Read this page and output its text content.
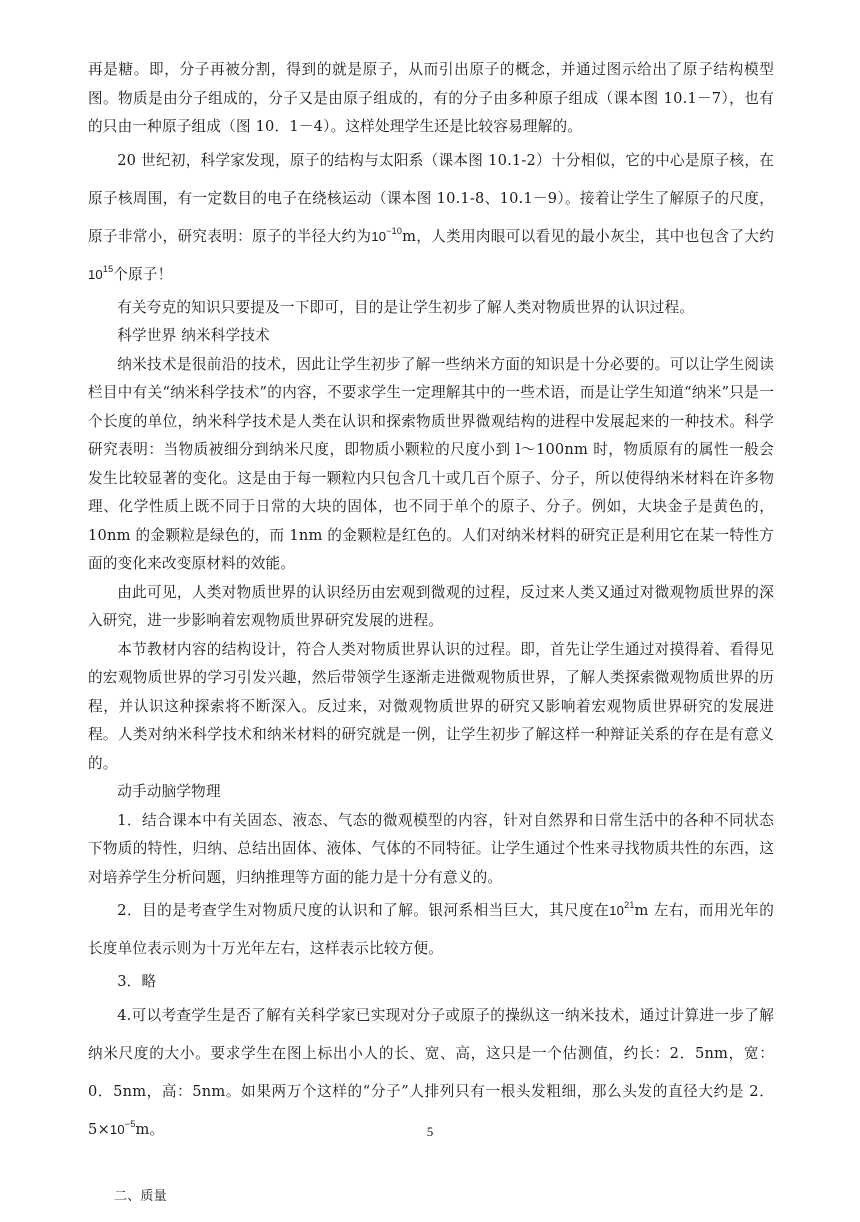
再是糖。即，分子再被分割，得到的就是原子，从而引出原子的概念，并通过图示给出了原子结构模型图。物质是由分子组成的，分子又是由原子组成的，有的分子由多种原子组成（课本图 10.1－7），也有的只由一种原子组成（图 10．1－4）。这样处理学生还是比较容易理解的。

20 世纪初，科学家发现，原子的结构与太阳系（课本图 10.1-2）十分相似，它的中心是原子核，在原子核周围，有一定数目的电子在绕核运动（课本图 10.1-8、10.1－9）。接着让学生了解原子的尺度，原子非常小，研究表明：原子的半径大约为$10^{-10}m$，人类用肉眼可以看见的最小灰尘，其中也包含了大约$10^{15}$个原子！

有关夸克的知识只要提及一下即可，目的是让学生初步了解人类对物质世界的认识过程。

科学世界 纳米科学技术

纳米技术是很前沿的技术，因此让学生初步了解一些纳米方面的知识是十分必要的。可以让学生阅读栏目中有关“纳米科学技术”的内容，不要求学生一定理解其中的一些术语，而是让学生知道“纳米”只是一个长度的单位，纳米科学技术是人类在认识和探索物质世界微观结构的进程中发展起来的一种技术。科学研究表明：当物质被细分到纳米尺度，即物质小颗粒的尺度小到 l～100nm 时，物质原有的属性一般会发生比较显著的变化。这是由于每一颗粒内只包含几十或几百个原子、分子，所以使得纳米材料在许多物理、化学性质上既不同于日常的大块的固体，也不同于单个的原子、分子。例如，大块金子是黄色的，10nm 的金颗粒是绿色的，而 1nm 的金颗粒是红色的。人们对纳米材料的研究正是利用它在某一特性方面的变化来改变原材料的效能。

由此可见，人类对物质世界的认识经历由宏观到微观的过程，反过来人类又通过对微观物质世界的深入研究，进一步影响着宏观物质世界研究发展的进程。

本节教材内容的结构设计，符合人类对物质世界认识的过程。即，首先让学生通过对摸得着、看得见的宏观物质世界的学习引发兴趣，然后带领学生逐渐走进微观物质世界，了解人类探索微观物质世界的历程，并认识这种探索将不断深入。反过来，对微观物质世界的研究又影响着宏观物质世界研究的发展进程。人类对纳米科学技术和纳米材料的研究就是一例，让学生初步了解这样一种辩证关系的存在是有意义的。

动手动脑学物理

1．结合课本中有关固态、液态、气态的微观模型的内容，针对自然界和日常生活中的各种不同状态下物质的特性，归纳、总结出固体、液体、气体的不同特征。让学生通过个性来寻找物质共性的东西，这对培养学生分析问题，归纳推理等方面的能力是十分有意义的。

2．目的是考查学生对物质尺度的认识和了解。银河系相当巨大，其尺度在$10^{21}m$ 左右，而用光年的长度单位表示则为十万光年左右，这样表示比较方便。

3．略

4.可以考查学生是否了解有关科学家已实现对分子或原子的操纵这一纳米技术，通过计算进一步了解纳米尺度的大小。要求学生在图上标出小人的长、宽、高，这只是一个估测值，约长：2．5nm，宽：0．5nm，高：5nm。如果两万个这样的“分子”人排列只有一根头发粗细，那么头发的直径大约是 2．$5\times 10^{-5}m$。

二、质量

5
